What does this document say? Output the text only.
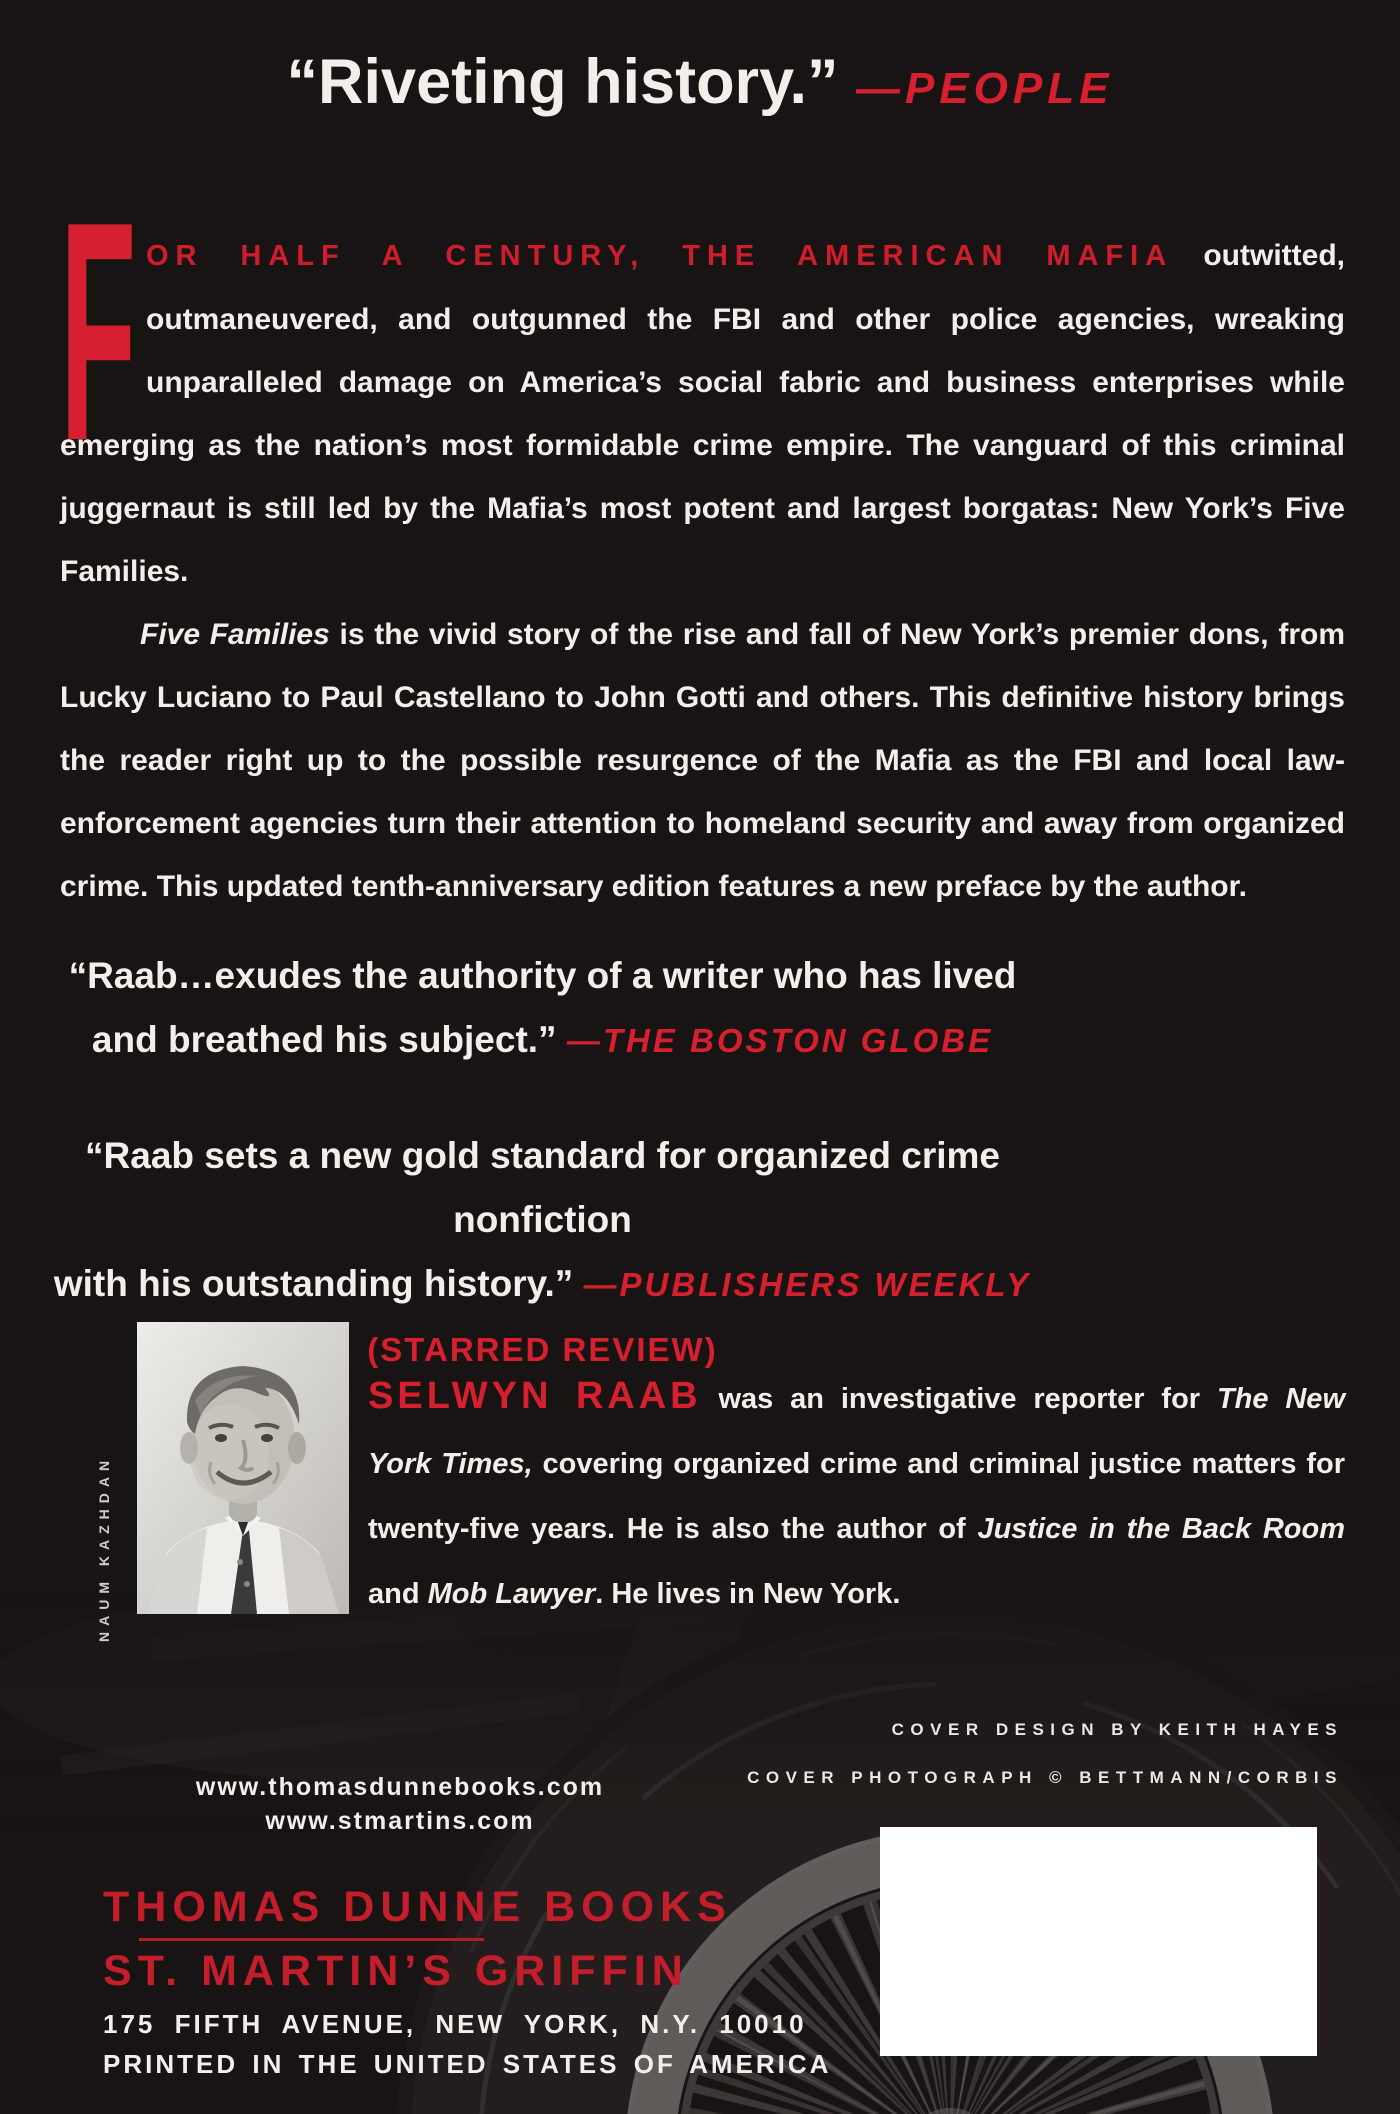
“Riveting history.” —PEOPLE

F OR HALF A CENTURY, THE AMERICAN MAFIA outwitted, outmaneuvered, and outgunned the FBI and other police agencies, wreaking unparalleled damage on America’s social fabric and business enterprises while emerging as the nation’s most formidable crime empire. The vanguard of this criminal juggernaut is still led by the Mafia’s most potent and largest borgatas: New York’s Five Families.

Five Families is the vivid story of the rise and fall of New York’s premier dons, from Lucky Luciano to Paul Castellano to John Gotti and others. This definitive history brings the reader right up to the possible resurgence of the Mafia as the FBI and local law-enforcement agencies turn their attention to homeland security and away from organized crime. This updated tenth-anniversary edition features a new preface by the author.

“Raab…exudes the authority of a writer who has lived
and breathed his subject.” —THE BOSTON GLOBE
“Raab sets a new gold standard for organized crime nonfiction
with his outstanding history.” —PUBLISHERS WEEKLY (STARRED REVIEW)
NAUM KAZHDAN
SELWYN RAAB was an investigative reporter for The New York Times, covering organized crime and criminal justice matters for twenty-five years. He is also the author of Justice in the Back Room and Mob Lawyer. He lives in New York.
COVER DESIGN BY KEITH HAYES
COVER PHOTOGRAPH © BETTMANN/CORBIS
www.thomasdunnebooks.com
www.stmartins.com
THOMAS DUNNE BOOKS
ST. MARTIN’S GRIFFIN
175 FIFTH AVENUE, NEW YORK, N.Y. 10010
PRINTED IN THE UNITED STATES OF AMERICA
